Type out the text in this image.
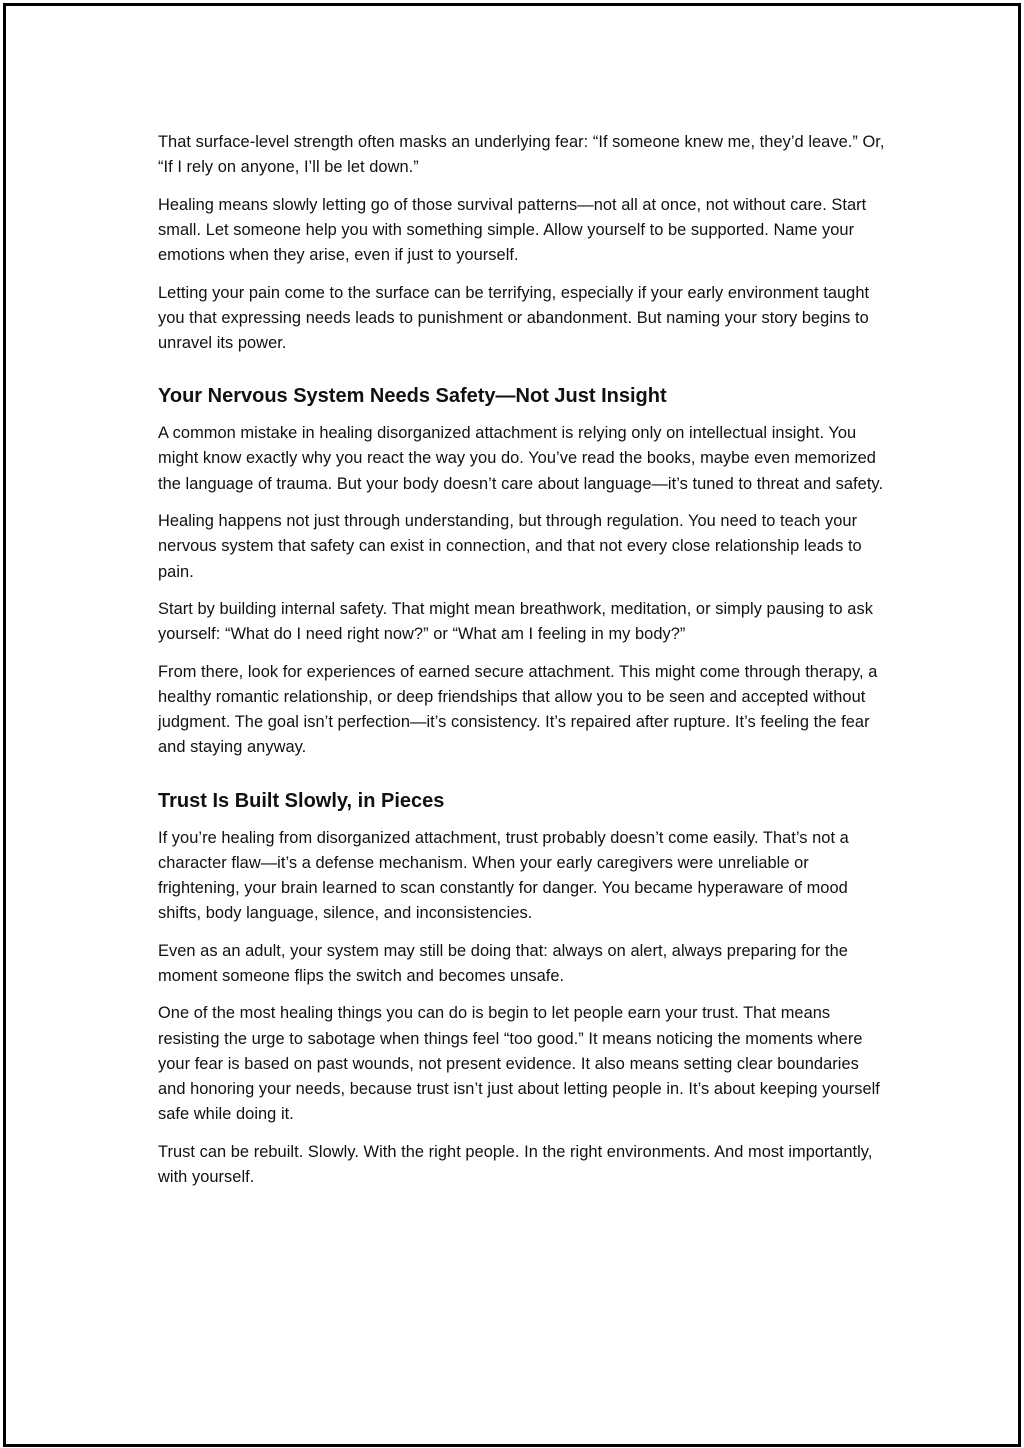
That surface-level strength often masks an underlying fear: “If someone knew me, they’d leave.” Or, “If I rely on anyone, I’ll be let down.”

Healing means slowly letting go of those survival patterns—not all at once, not without care. Start small. Let someone help you with something simple. Allow yourself to be supported. Name your emotions when they arise, even if just to yourself.

Letting your pain come to the surface can be terrifying, especially if your early environment taught you that expressing needs leads to punishment or abandonment. But naming your story begins to unravel its power.

Your Nervous System Needs Safety—Not Just Insight

A common mistake in healing disorganized attachment is relying only on intellectual insight. You might know exactly why you react the way you do. You’ve read the books, maybe even memorized the language of trauma. But your body doesn’t care about language—it’s tuned to threat and safety.

Healing happens not just through understanding, but through regulation. You need to teach your nervous system that safety can exist in connection, and that not every close relationship leads to pain.

Start by building internal safety. That might mean breathwork, meditation, or simply pausing to ask yourself: “What do I need right now?” or “What am I feeling in my body?”

From there, look for experiences of earned secure attachment. This might come through therapy, a healthy romantic relationship, or deep friendships that allow you to be seen and accepted without judgment. The goal isn’t perfection—it’s consistency. It’s repaired after rupture. It’s feeling the fear and staying anyway.

Trust Is Built Slowly, in Pieces

If you’re healing from disorganized attachment, trust probably doesn’t come easily. That’s not a character flaw—it’s a defense mechanism. When your early caregivers were unreliable or frightening, your brain learned to scan constantly for danger. You became hyperaware of mood shifts, body language, silence, and inconsistencies.

Even as an adult, your system may still be doing that: always on alert, always preparing for the moment someone flips the switch and becomes unsafe.

One of the most healing things you can do is begin to let people earn your trust. That means resisting the urge to sabotage when things feel “too good.” It means noticing the moments where your fear is based on past wounds, not present evidence. It also means setting clear boundaries and honoring your needs, because trust isn’t just about letting people in. It’s about keeping yourself safe while doing it.

Trust can be rebuilt. Slowly. With the right people. In the right environments. And most importantly, with yourself.
